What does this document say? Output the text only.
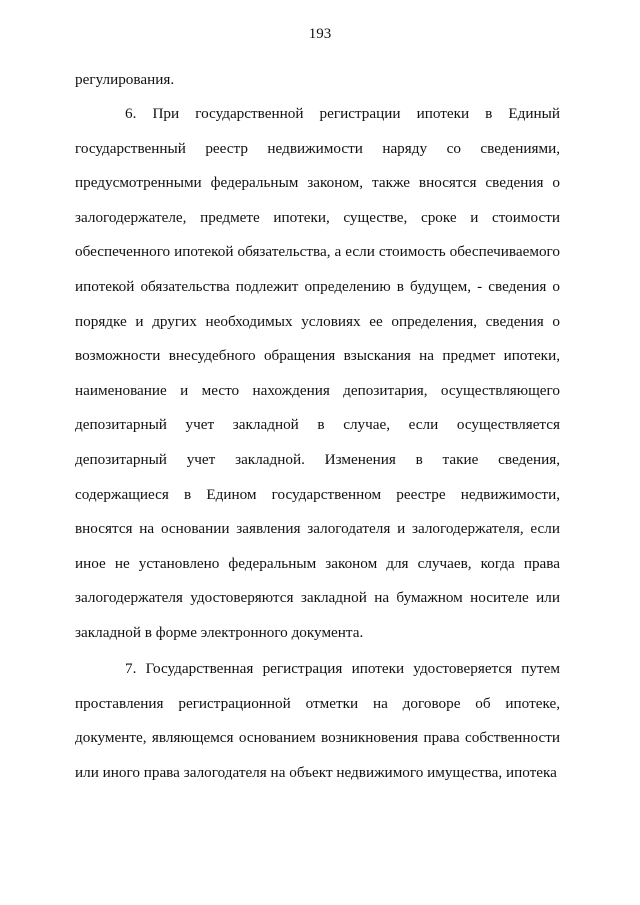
193
регулирования.
6. При государственной регистрации ипотеки в Единый государственный реестр недвижимости наряду со сведениями, предусмотренными федеральным законом, также вносятся сведения о залогодержателе, предмете ипотеки, существе, сроке и стоимости обеспеченного ипотекой обязательства, а если стоимость обеспечиваемого ипотекой обязательства подлежит определению в будущем, - сведения о порядке и других необходимых условиях ее определения, сведения о возможности внесудебного обращения взыскания на предмет ипотеки, наименование и место нахождения депозитария, осуществляющего депозитарный учет закладной в случае, если осуществляется депозитарный учет закладной. Изменения в такие сведения, содержащиеся в Едином государственном реестре недвижимости, вносятся на основании заявления залогодателя и залогодержателя, если иное не установлено федеральным законом для случаев, когда права залогодержателя удостоверяются закладной на бумажном носителе или закладной в форме электронного документа.
7. Государственная регистрация ипотеки удостоверяется путем проставления регистрационной отметки на договоре об ипотеке, документе, являющемся основанием возникновения права собственности или иного права залогодателя на объект недвижимого имущества, ипотека
